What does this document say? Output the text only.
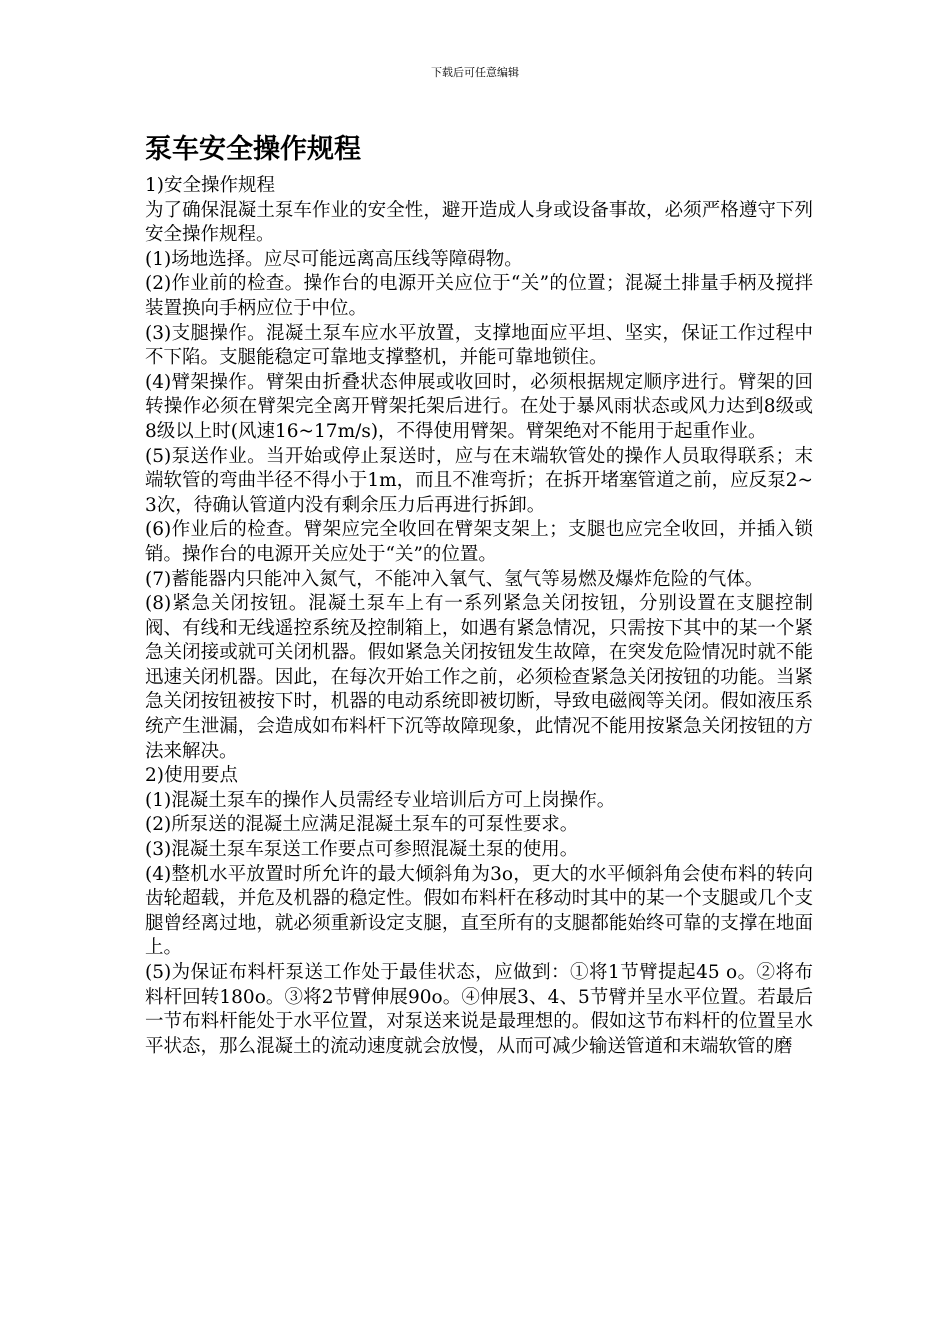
下载后可任意编辑
泵车安全操作规程

1)安全操作规程

为了确保混凝土泵车作业的安全性，避开造成人身或设备事故，必须严格遵守下列安全操作规程。

(1)场地选择。应尽可能远离高压线等障碍物。

(2)作业前的检查。操作台的电源开关应位于“关”的位置；混凝土排量手柄及搅拌装置换向手柄应位于中位。

(3)支腿操作。混凝土泵车应水平放置，支撑地面应平坦、坚实，保证工作过程中不下陷。支腿能稳定可靠地支撑整机，并能可靠地锁住。

(4)臂架操作。臂架由折叠状态伸展或收回时，必须根据规定顺序进行。臂架的回转操作必须在臂架完全离开臂架托架后进行。在处于暴风雨状态或风力达到8级或8级以上时(风速16~17m/s)，不得使用臂架。臂架绝对不能用于起重作业。

(5)泵送作业。当开始或停止泵送时，应与在末端软管处的操作人员取得联系；末端软管的弯曲半径不得小于1m，而且不准弯折；在拆开堵塞管道之前，应反泵2~3次，待确认管道内没有剩余压力后再进行拆卸。

(6)作业后的检查。臂架应完全收回在臂架支架上；支腿也应完全收回，并插入锁销。操作台的电源开关应处于“关”的位置。

(7)蓄能器内只能冲入氮气，不能冲入氧气、氢气等易燃及爆炸危险的气体。

(8)紧急关闭按钮。混凝土泵车上有一系列紧急关闭按钮，分别设置在支腿控制阀、有线和无线遥控系统及控制箱上，如遇有紧急情况，只需按下其中的某一个紧急关闭接或就可关闭机器。假如紧急关闭按钮发生故障，在突发危险情况时就不能迅速关闭机器。因此，在每次开始工作之前，必须检查紧急关闭按钮的功能。当紧急关闭按钮被按下时，机器的电动系统即被切断，导致电磁阀等关闭。假如液压系统产生泄漏，会造成如布料杆下沉等故障现象，此情况不能用按紧急关闭按钮的方法来解决。

2)使用要点

(1)混凝土泵车的操作人员需经专业培训后方可上岗操作。

(2)所泵送的混凝土应满足混凝土泵车的可泵性要求。

(3)混凝土泵车泵送工作要点可参照混凝土泵的使用。

(4)整机水平放置时所允许的最大倾斜角为3o，更大的水平倾斜角会使布料的转向齿轮超载，并危及机器的稳定性。假如布料杆在移动时其中的某一个支腿或几个支腿曾经离过地，就必须重新设定支腿，直至所有的支腿都能始终可靠的支撑在地面上。

(5)为保证布料杆泵送工作处于最佳状态，应做到：①将1节臂提起45 o。②将布料杆回转180o。③将2节臂伸展90o。④伸展3、4、5节臂并呈水平位置。若最后一节布料杆能处于水平位置，对泵送来说是最理想的。假如这节布料杆的位置呈水平状态，那么混凝土的流动速度就会放慢，从而可减少输送管道和末端软管的磨
